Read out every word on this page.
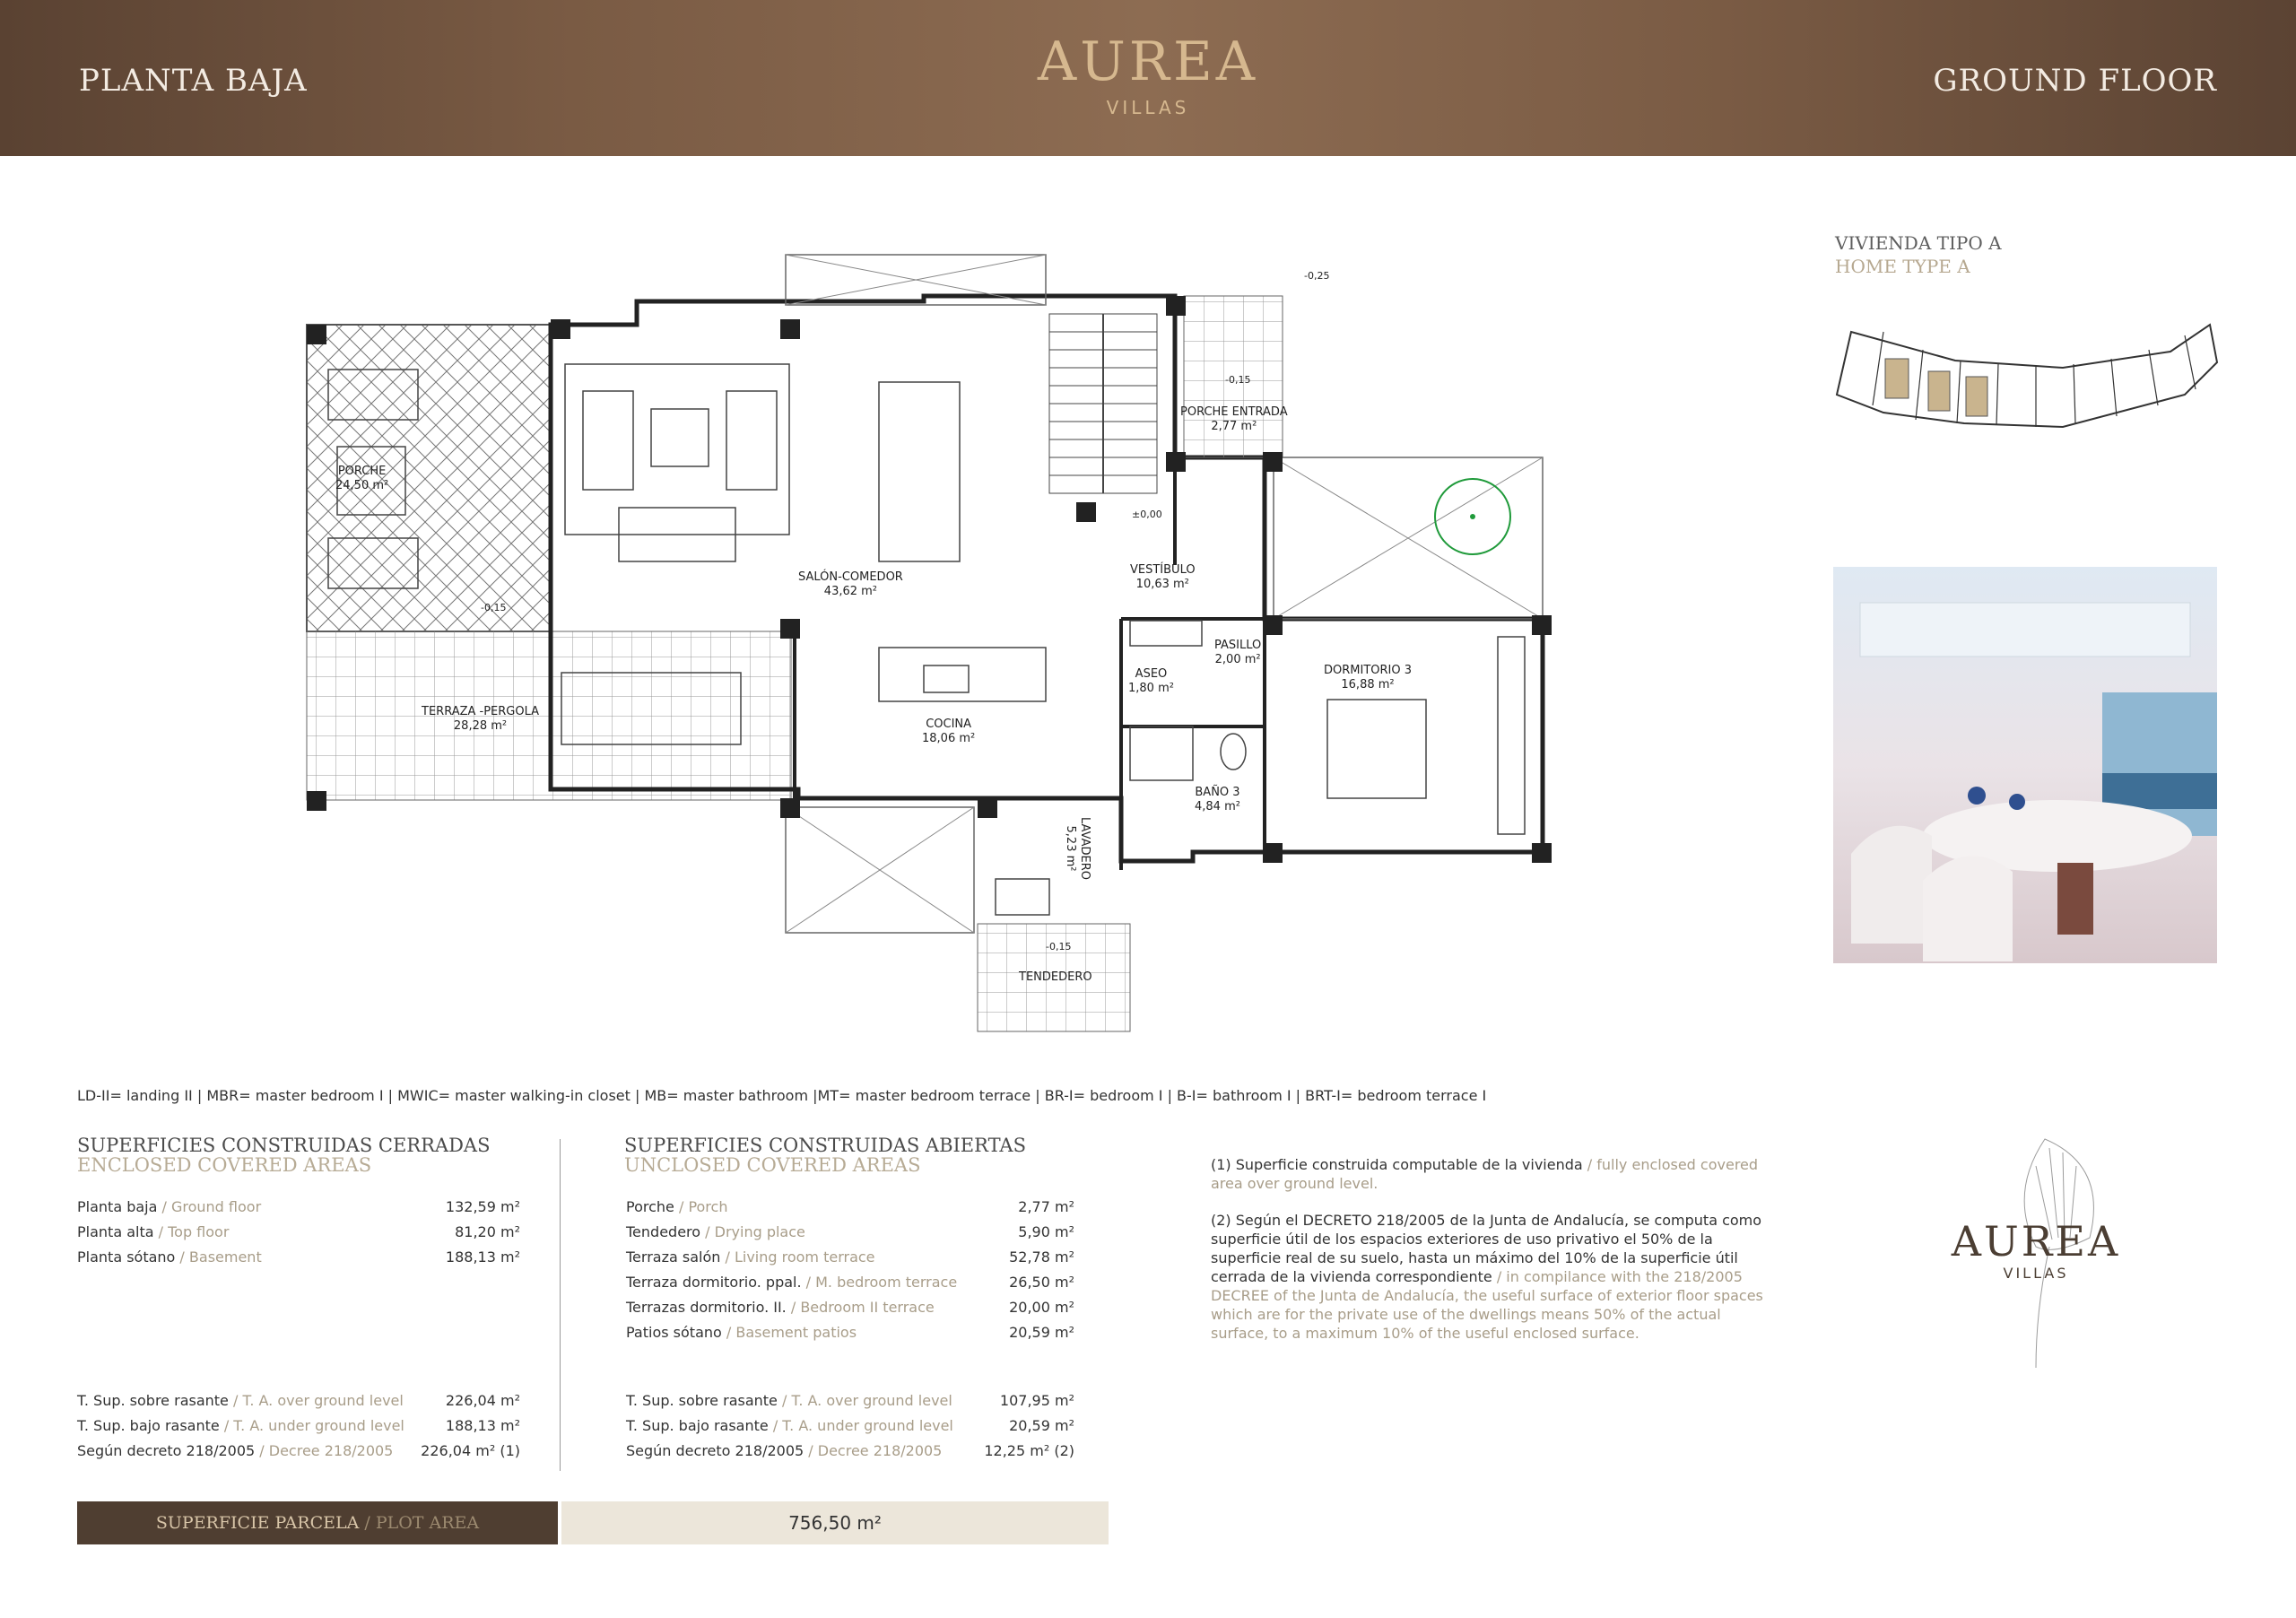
PLANTA BAJA	AUREA
VILLAS
GROUND FLOOR
PORCHE
24,50 m²
TERRAZA -PERGOLA
28,28 m²
SALÓN-COMEDOR
43,62 m²
COCINA
18,06 m²
VESTÍBULO
10,63 m²
PORCHE ENTRADA
2,77 m²
PASILLO
2,00 m²
ASEO
1,80 m²
DORMITORIO 3
16,88 m²
BAÑO 3
4,84 m²
LAVADERO
5,23 m²
TENDEDERO
-0,25
-0,15
±0,00
-0,15
-0,15
VIVIENDA TIPO A
HOME TYPE A
LD-II= landing II | MBR= master bedroom I | MWIC= master walking-in closet | MB= master bathroom |MT= master bedroom terrace | BR-I= bedroom I | B-I= bathroom I | BRT-I= bedroom terrace I
SUPERFICIES CONSTRUIDAS CERRADAS
ENCLOSED COVERED AREAS
Planta baja / Ground floor	132,59 m²
Planta alta / Top floor	81,20 m²
Planta sótano / Basement	188,13 m²
T. Sup. sobre rasante / T. A. over ground level	226,04 m²
T. Sup. bajo rasante / T. A. under ground level	188,13 m²
Según decreto 218/2005 / Decree 218/2005 226,04 m² (1)
SUPERFICIES CONSTRUIDAS ABIERTAS
UNCLOSED COVERED AREAS
Porche / Porch	2,77 m²
Tendedero / Drying place	5,90 m²
Terraza salón / Living room terrace	52,78 m²
Terraza dormitorio. ppal. / M. bedroom terrace	26,50 m²
Terrazas dormitorio. II. / Bedroom II terrace	20,00 m²
Patios sótano / Basement patios	20,59 m²
T. Sup. sobre rasante / T. A. over ground level	107,95 m²
T. Sup. bajo rasante / T. A. under ground level	20,59 m²
Según decreto 218/2005 / Decree 218/2005	12,25 m² (2)
(1) Superficie construida computable de la vivienda / fully enclosed covered area over ground level.
(2) Según el DECRETO 218/2005 de la Junta de Andalucía, se computa como superficie útil de los espacios exteriores de uso privativo el 50% de la superficie real de su suelo, hasta un máximo del 10% de la superficie útil cerrada de la vivienda correspondiente / in compilance with the 218/2005 DECREE of the Junta de Andalucía, the useful surface of exterior floor spaces which are for the private use of the dwellings means 50% of the actual surface, to a maximum 10% of the useful enclosed surface.
AUREA
VILLAS
SUPERFICIE PARCELA / PLOT AREA	756,50 m²
